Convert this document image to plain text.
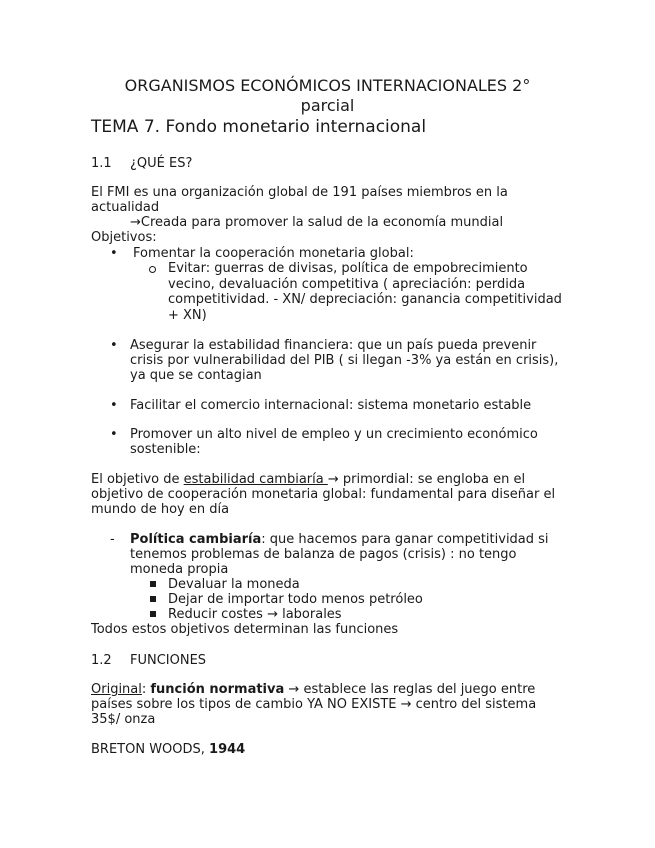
ORGANISMOS ECONÓMICOS INTERNACIONALES 2°
parcial
TEMA 7. Fondo monetario internacional
1.1 ¿QUÉ ES?
El FMI es una organización global de 191 países miembros en la
actualidad
→Creada para promover la salud de la economía mundial
Objetivos:
• Fomentar la cooperación monetaria global:
Evitar: guerras de divisas, política de empobrecimiento
vecino, devaluación competitiva ( apreciación: perdida
competitividad. - XN/ depreciación: ganancia competitividad
+ XN)
• Asegurar la estabilidad financiera: que un país pueda prevenir
crisis por vulnerabilidad del PIB ( si llegan -3% ya están en crisis),
ya que se contagian
• Facilitar el comercio internacional: sistema monetario estable
• Promover un alto nivel de empleo y un crecimiento económico
sostenible:
El objetivo de estabilidad cambiaría → primordial: se engloba en el
objetivo de cooperación monetaria global: fundamental para diseñar el
mundo de hoy en día
- Política cambiaría: que hacemos para ganar competitividad si
tenemos problemas de balanza de pagos (crisis) : no tengo
moneda propia
Devaluar la moneda
Dejar de importar todo menos petróleo
Reducir costes → laborales
Todos estos objetivos determinan las funciones
1.2 FUNCIONES
Original: función normativa → establece las reglas del juego entre
países sobre los tipos de cambio YA NO EXISTE → centro del sistema
35$/ onza
BRETON WOODS, 1944
